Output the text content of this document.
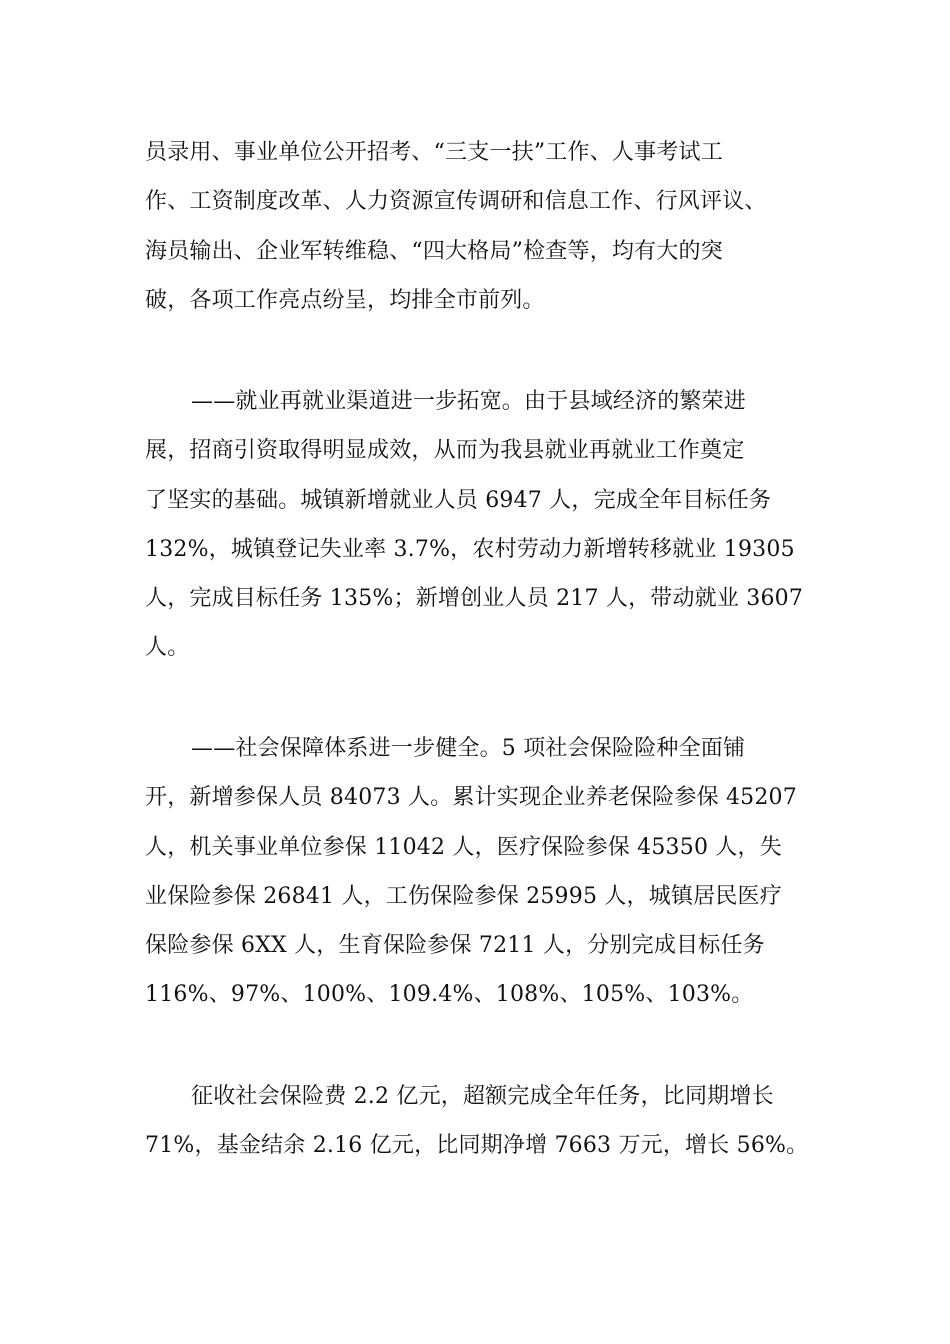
员录用、事业单位公开招考、“三支一扶”工作、人事考试工
作、工资制度改革、人力资源宣传调研和信息工作、行风评议、
海员输出、企业军转维稳、“四大格局”检查等，均有大的突
破，各项工作亮点纷呈，均排全市前列。

——就业再就业渠道进一步拓宽。由于县域经济的繁荣进
展，招商引资取得明显成效，从而为我县就业再就业工作奠定
了坚实的基础。城镇新增就业人员 6947 人，完成全年目标任务
132%，城镇登记失业率 3.7%，农村劳动力新增转移就业 19305
人，完成目标任务 135%；新增创业人员 217 人，带动就业 3607
人。

——社会保障体系进一步健全。5 项社会保险险种全面铺
开，新增参保人员 84073 人。累计实现企业养老保险参保 45207
人，机关事业单位参保 11042 人，医疗保险参保 45350 人，失
业保险参保 26841 人，工伤保险参保 25995 人，城镇居民医疗
保险参保 6XX 人，生育保险参保 7211 人，分别完成目标任务
116%、97%、100%、109.4%、108%、105%、103%。

征收社会保险费 2.2 亿元，超额完成全年任务，比同期增长
71%，基金结余 2.16 亿元，比同期净增 7663 万元，增长 56%。
